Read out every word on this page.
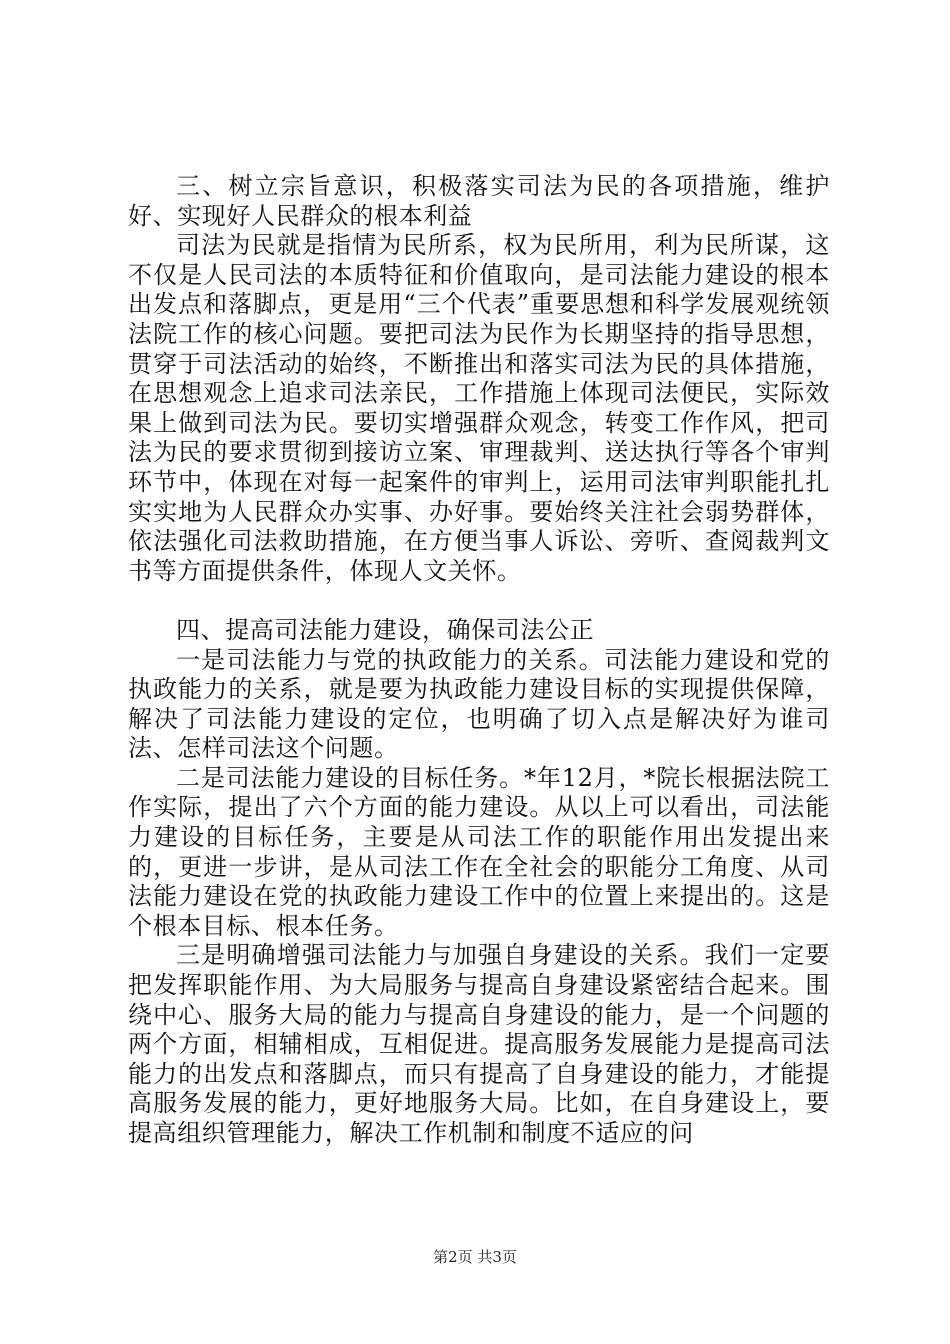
三、树立宗旨意识，积极落实司法为民的各项措施，维护好、实现好人民群众的根本利益

司法为民就是指情为民所系，权为民所用，利为民所谋，这不仅是人民司法的本质特征和价值取向，是司法能力建设的根本出发点和落脚点，更是用“三个代表”重要思想和科学发展观统领法院工作的核心问题。要把司法为民作为长期坚持的指导思想，贯穿于司法活动的始终，不断推出和落实司法为民的具体措施，在思想观念上追求司法亲民，工作措施上体现司法便民，实际效果上做到司法为民。要切实增强群众观念，转变工作作风，把司法为民的要求贯彻到接访立案、审理裁判、送达执行等各个审判环节中，体现在对每一起案件的审判上，运用司法审判职能扎扎实实地为人民群众办实事、办好事。要始终关注社会弱势群体，依法强化司法救助措施，在方便当事人诉讼、旁听、查阅裁判文书等方面提供条件，体现人文关怀。

四、提高司法能力建设，确保司法公正

一是司法能力与党的执政能力的关系。司法能力建设和党的执政能力的关系，就是要为执政能力建设目标的实现提供保障，解决了司法能力建设的定位，也明确了切入点是解决好为谁司法、怎样司法这个问题。

二是司法能力建设的目标任务。*年12月，*院长根据法院工作实际，提出了六个方面的能力建设。从以上可以看出，司法能力建设的目标任务，主要是从司法工作的职能作用出发提出来的，更进一步讲，是从司法工作在全社会的职能分工角度、从司法能力建设在党的执政能力建设工作中的位置上来提出的。这是个根本目标、根本任务。

三是明确增强司法能力与加强自身建设的关系。我们一定要把发挥职能作用、为大局服务与提高自身建设紧密结合起来。围绕中心、服务大局的能力与提高自身建设的能力，是一个问题的两个方面，相辅相成，互相促进。提高服务发展能力是提高司法能力的出发点和落脚点，而只有提高了自身建设的能力，才能提高服务发展的能力，更好地服务大局。比如，在自身建设上，要提高组织管理能力，解决工作机制和制度不适应的问

第2页 共3页
